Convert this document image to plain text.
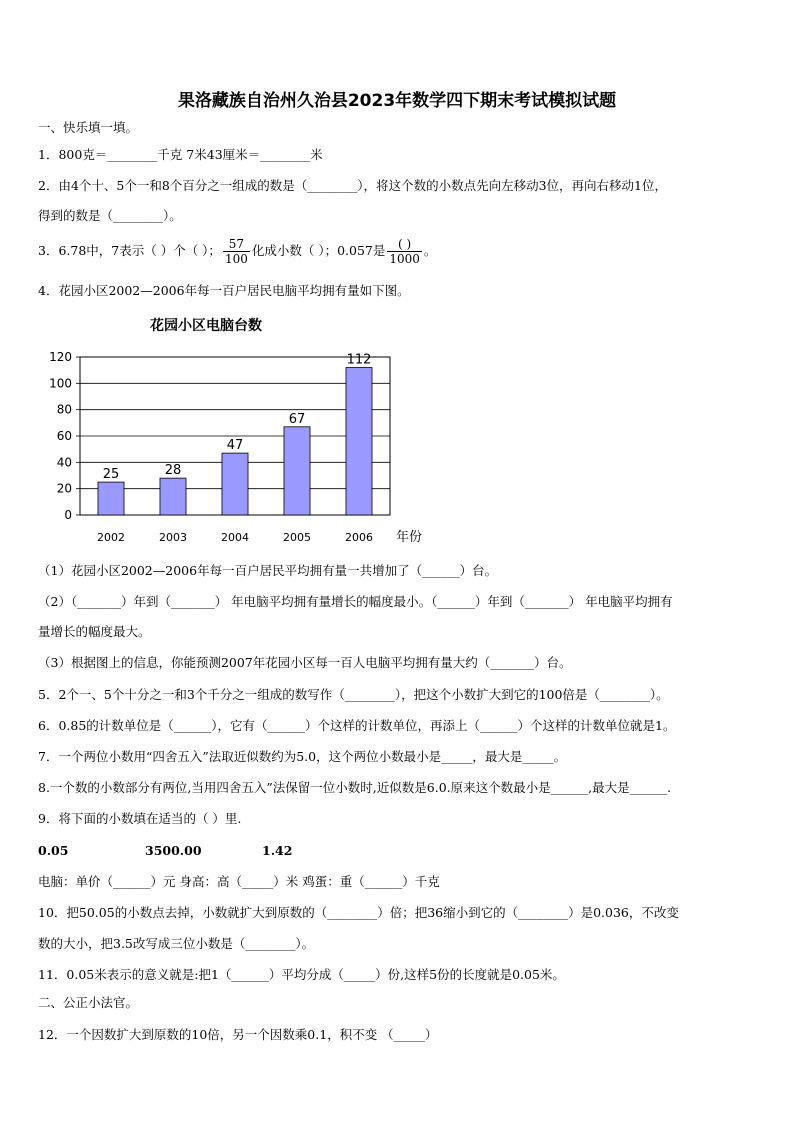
果洛藏族自治州久治县2023年数学四下期末考试模拟试题
一、快乐填一填。
1．800克＝________千克 7米43厘米＝________米
2．由4个十、5个一和8个百分之一组成的数是（________），将这个数的小数点先向左移动3位，再向右移动1位，
得到的数是（________）。
3．6.78中，7表示（ ）个（ ）； $\frac{57}{100}$ 化成小数（ ）；0.057是 $\frac{( )}{1000}$ 。
4．花园小区2002—2006年每一百户居民电脑平均拥有量如下图。
花园小区电脑台数
0
20
40
60
80
100
120
25
2002
28
2003
47
2004
67
2005
112
2006 年份
（1）花园小区2002—2006年每一百户居民平均拥有量一共增加了（______）台。
（2）（_______）年到（_______） 年电脑平均拥有量增长的幅度最小。（______）年到（_______） 年电脑平均拥有
量增长的幅度最大。
（3）根据图上的信息，你能预测2007年花园小区每一百人电脑平均拥有量大约（_______）台。
5．2个一、5个十分之一和3个千分之一组成的数写作（________），把这个小数扩大到它的100倍是（________）。
6．0.85的计数单位是（______），它有（______）个这样的计数单位，再添上（______）个这样的计数单位就是1。
7．一个两位小数用“四舍五入”法取近似数约为5.0，这个两位小数最小是_____，最大是_____。
8.一个数的小数部分有两位,当用四舍五入”法保留一位小数时,近似数是6.0.原来这个数最小是______,最大是______.
9．将下面的小数填在适当的（ ）里.
0.05	3500.00	1.42
电脑：单价（______）元 身高：高（_____）米 鸡蛋：重（______）千克
10．把50.05的小数点去掉，小数就扩大到原数的（________）倍；把36缩小到它的（________）是0.036，不改变
数的大小，把3.5改写成三位小数是（________）。
11．0.05米表示的意义就是:把1（______）平均分成（_____）份,这样5份的长度就是0.05米。
二、公正小法官。
12．一个因数扩大到原数的10倍，另一个因数乘0.1，积不变 （_____）
